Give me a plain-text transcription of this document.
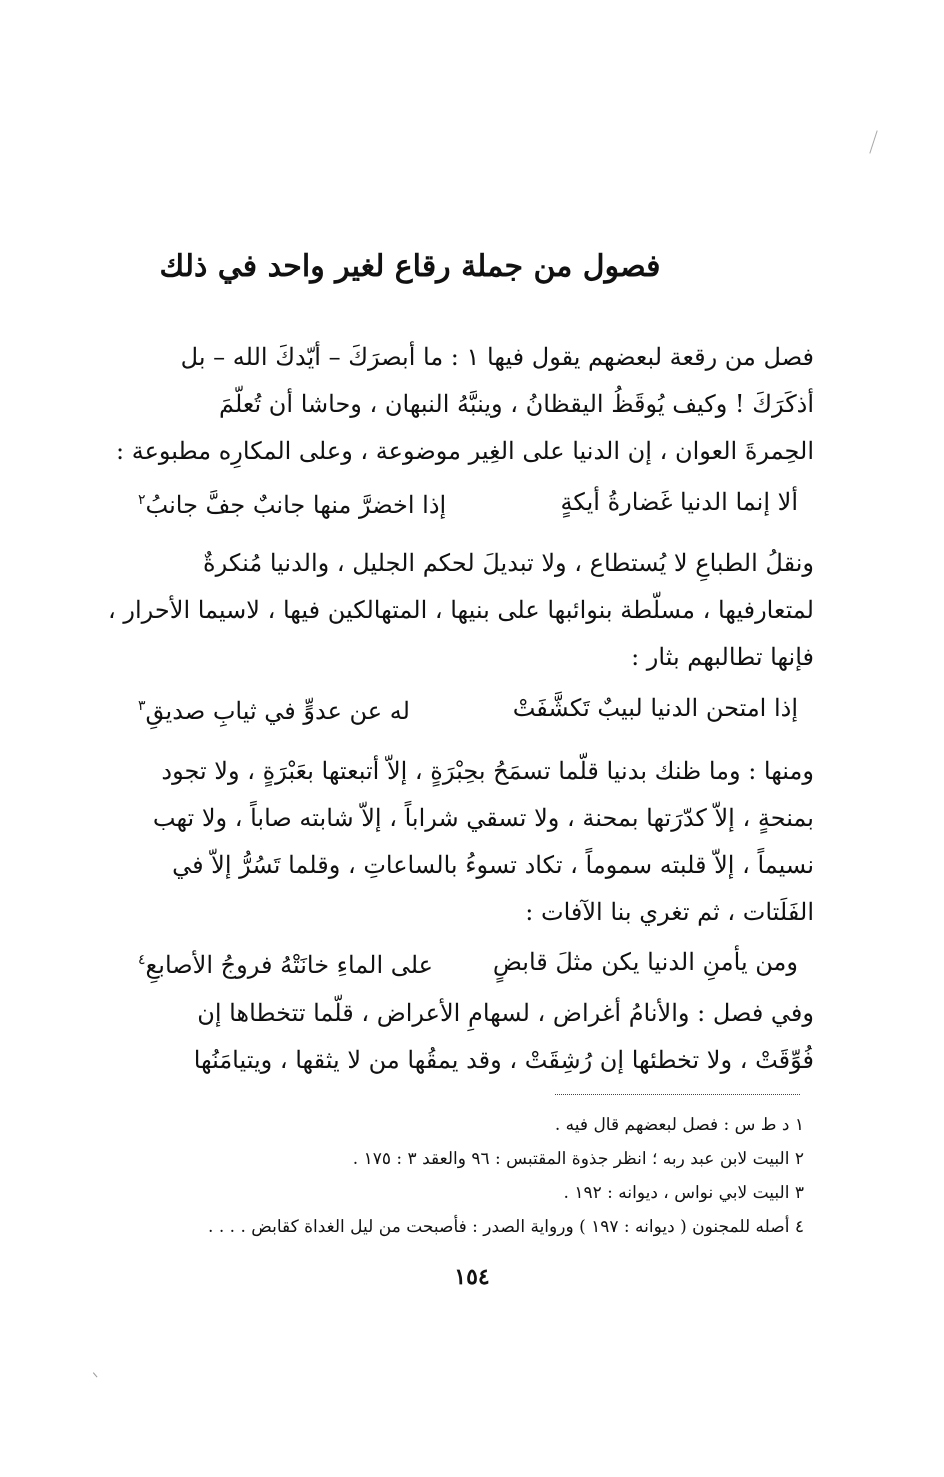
فصول من جملة رقاع لغير واحد في ذلك
فصل من رقعة لبعضهم يقول فيها ١ : ما أبصرَكَ – أيّدكَ الله – بل
أذكَرَكَ ! وكيف يُوقَظُ اليقظانُ ، وينبَّهُ النبهان ، وحاشا أن تُعلّمَ
الحِمرةَ العوان ، إن الدنيا على الغِير موضوعة ، وعلى المكارِه مطبوعة :
ألا إنما الدنيا غَضارةُ أيكةٍ
إذا اخضرَّ منها جانبٌ جفَّ جانبُ$^٢$
ونقلُ الطباعِ لا يُستطاع ، ولا تبديلَ لحكم الجليل ، والدنيا مُنكرةٌ
لمتعارفيها ، مسلّطة بنوائبها على بنيها ، المتهالكين فيها ، لاسيما الأحرار ،
فإنها تطالبهم بثار :
إذا امتحن الدنيا لبيبٌ تَكشَّفَتْ
له عن عدوٍّ في ثيابِ صديقِ$^٣$
ومنها : وما ظنك بدنيا قلّما تسمَحُ بحِبْرَةٍ ، إلاّ أتبعتها بعَبْرَةٍ ، ولا تجود
بمنحةٍ ، إلاّ كدّرَتها بمحنة ، ولا تسقي شراباً ، إلاّ شابته صاباً ، ولا تهب
نسيماً ، إلاّ قلبته سموماً ، تكاد تسوءُ بالساعاتِ ، وقلما تَسُرُّ إلاّ في
الفَلَتات ، ثم تغري بنا الآفات :
ومن يأمنِ الدنيا يكن مثلَ قابضٍ
على الماءِ خانَتْهُ فروجُ الأصابعِ$^٤$
وفي فصل : والأنامُ أغراض ، لسهامِ الأعراض ، قلّما تتخطاها إن
فُوِّقَتْ ، ولا تخطئها إن رُشِقَتْ ، وقد يمقُها من لا يثقها ، ويتيامَنُها
١ د ط س : فصل لبعضهم قال فيه .
٢ البيت لابن عبد ربه ؛ انظر جذوة المقتبس : ٩٦ والعقد ٣ : ١٧٥ .
٣ البيت لابي نواس ، ديوانه : ١٩٢ .
٤ أصله للمجنون ( ديوانه : ١٩٧ ) ورواية الصدر : فأصبحت من ليل الغداة كقابض . . . .
١٥٤
